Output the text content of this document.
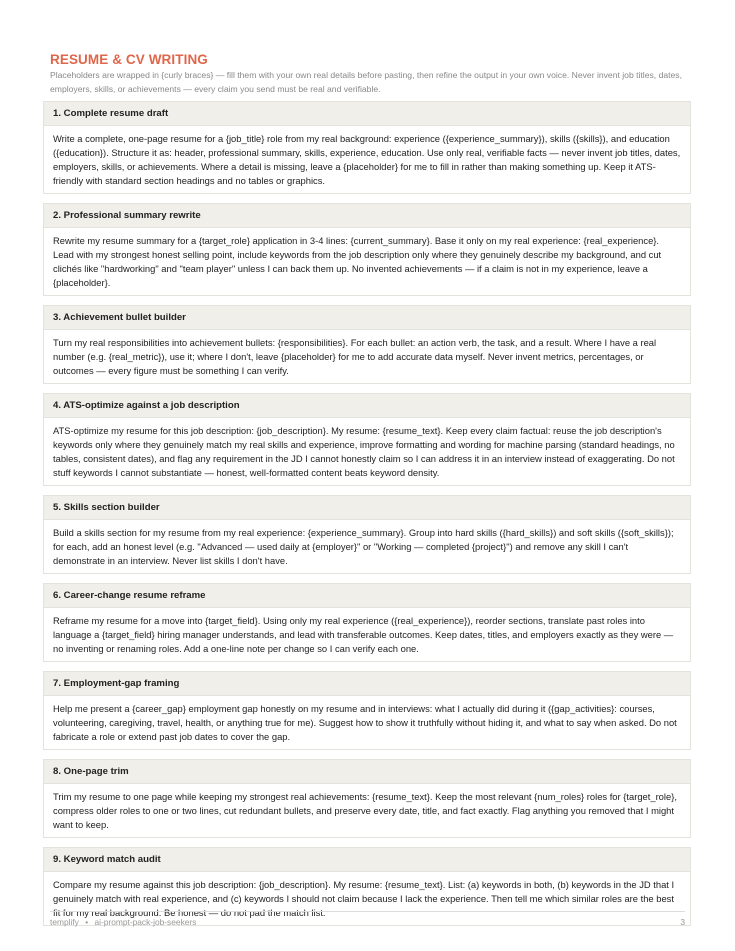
RESUME & CV WRITING
Placeholders are wrapped in {curly braces} — fill them with your own real details before pasting, then refine the output in your own voice. Never invent job titles, dates, employers, skills, or achievements — every claim you send must be real and verifiable.
1. Complete resume draft
Write a complete, one-page resume for a {job_title} role from my real background: experience ({experience_summary}), skills ({skills}), and education ({education}). Structure it as: header, professional summary, skills, experience, education. Use only real, verifiable facts — never invent job titles, dates, employers, skills, or achievements. Where a detail is missing, leave a {placeholder} for me to fill in rather than making something up. Keep it ATS-friendly with standard section headings and no tables or graphics.
2. Professional summary rewrite
Rewrite my resume summary for a {target_role} application in 3-4 lines: {current_summary}. Base it only on my real experience: {real_experience}. Lead with my strongest honest selling point, include keywords from the job description only where they genuinely describe my background, and cut clichés like "hardworking" and "team player" unless I can back them up. No invented achievements — if a claim is not in my experience, leave a {placeholder}.
3. Achievement bullet builder
Turn my real responsibilities into achievement bullets: {responsibilities}. For each bullet: an action verb, the task, and a result. Where I have a real number (e.g. {real_metric}), use it; where I don't, leave {placeholder} for me to add accurate data myself. Never invent metrics, percentages, or outcomes — every figure must be something I can verify.
4. ATS-optimize against a job description
ATS-optimize my resume for this job description: {job_description}. My resume: {resume_text}. Keep every claim factual: reuse the job description's keywords only where they genuinely match my real skills and experience, improve formatting and wording for machine parsing (standard headings, no tables, consistent dates), and flag any requirement in the JD I cannot honestly claim so I can address it in an interview instead of exaggerating. Do not stuff keywords I cannot substantiate — honest, well-formatted content beats keyword density.
5. Skills section builder
Build a skills section for my resume from my real experience: {experience_summary}. Group into hard skills ({hard_skills}) and soft skills ({soft_skills}); for each, add an honest level (e.g. "Advanced — used daily at {employer}" or "Working — completed {project}") and remove any skill I can't demonstrate in an interview. Never list skills I don't have.
6. Career-change resume reframe
Reframe my resume for a move into {target_field}. Using only my real experience ({real_experience}), reorder sections, translate past roles into language a {target_field} hiring manager understands, and lead with transferable outcomes. Keep dates, titles, and employers exactly as they were — no inventing or renaming roles. Add a one-line note per change so I can verify each one.
7. Employment-gap framing
Help me present a {career_gap} employment gap honestly on my resume and in interviews: what I actually did during it ({gap_activities}: courses, volunteering, caregiving, travel, health, or anything true for me). Suggest how to show it truthfully without hiding it, and what to say when asked. Do not fabricate a role or extend past job dates to cover the gap.
8. One-page trim
Trim my resume to one page while keeping my strongest real achievements: {resume_text}. Keep the most relevant {num_roles} roles for {target_role}, compress older roles to one or two lines, cut redundant bullets, and preserve every date, title, and fact exactly. Flag anything you removed that I might want to keep.
9. Keyword match audit
Compare my resume against this job description: {job_description}. My resume: {resume_text}. List: (a) keywords in both, (b) keywords in the JD that I genuinely match with real experience, and (c) keywords I should not claim because I lack the experience. Then tell me which similar roles are the best fit for my real background. Be honest — do not pad the match list.
templify • ai-prompt-pack-job-seekers	3
